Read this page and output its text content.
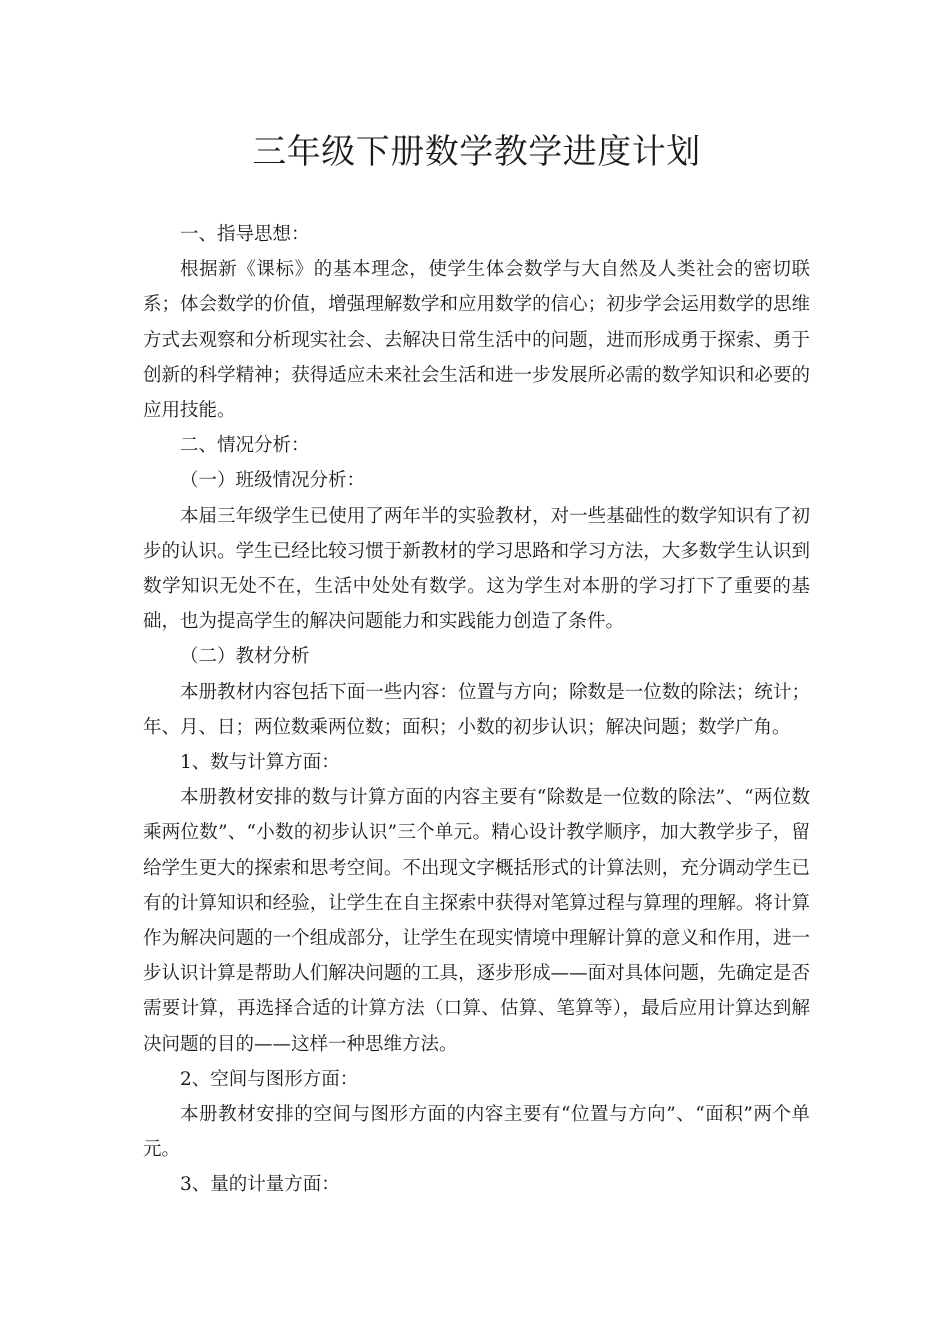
三年级下册数学教学进度计划

一、指导思想：

根据新《课标》的基本理念，使学生体会数学与大自然及人类社会的密切联系；体会数学的价值，增强理解数学和应用数学的信心；初步学会运用数学的思维方式去观察和分析现实社会、去解决日常生活中的问题，进而形成勇于探索、勇于创新的科学精神；获得适应未来社会生活和进一步发展所必需的数学知识和必要的应用技能。

二、情况分析：

（一）班级情况分析：

本届三年级学生已使用了两年半的实验教材，对一些基础性的数学知识有了初步的认识。学生已经比较习惯于新教材的学习思路和学习方法，大多数学生认识到数学知识无处不在，生活中处处有数学。这为学生对本册的学习打下了重要的基础，也为提高学生的解决问题能力和实践能力创造了条件。

（二）教材分析

本册教材内容包括下面一些内容：位置与方向；除数是一位数的除法；统计；年、月、日；两位数乘两位数；面积；小数的初步认识；解决问题；数学广角。

1、数与计算方面：

本册教材安排的数与计算方面的内容主要有“除数是一位数的除法”、“两位数乘两位数”、“小数的初步认识”三个单元。精心设计教学顺序，加大教学步子，留给学生更大的探索和思考空间。不出现文字概括形式的计算法则，充分调动学生已有的计算知识和经验，让学生在自主探索中获得对笔算过程与算理的理解。将计算作为解决问题的一个组成部分，让学生在现实情境中理解计算的意义和作用，进一步认识计算是帮助人们解决问题的工具，逐步形成——面对具体问题，先确定是否需要计算，再选择合适的计算方法（口算、估算、笔算等），最后应用计算达到解决问题的目的——这样一种思维方法。

2、空间与图形方面：

本册教材安排的空间与图形方面的内容主要有“位置与方向”、“面积”两个单元。

3、量的计量方面：
